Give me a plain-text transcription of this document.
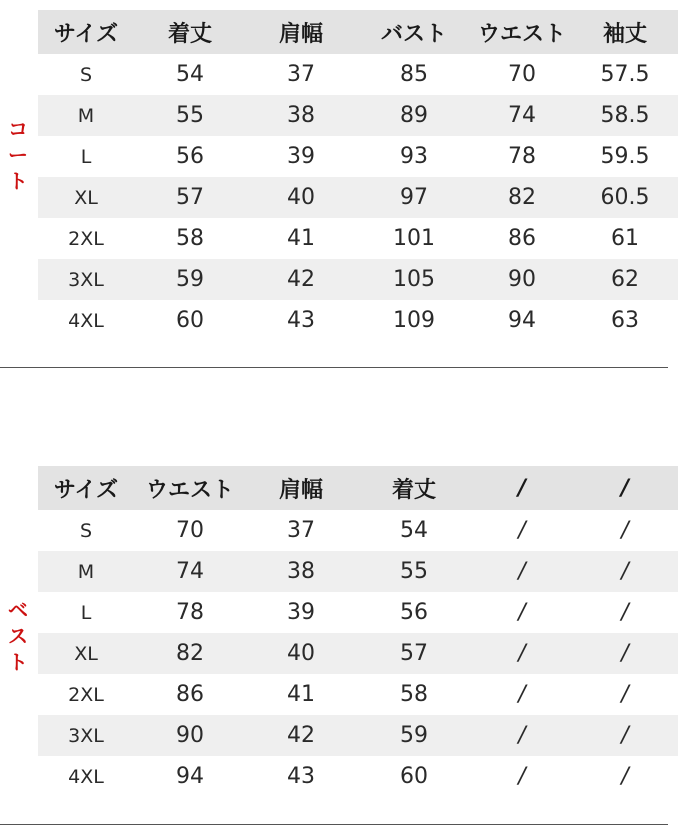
コ
ー
ト
サイズ	着丈	肩幅	バスト	ウエスト	袖丈
S	54	37	85	70	57.5
M	55	38	89	74	58.5
L	56	39	93	78	59.5
XL	57	40	97	82	60.5
2XL	58	41	101	86	61
3XL	59	42	105	90	62
4XL	60	43	109	94	63
ベ
ス
ト
サイズ	ウエスト	肩幅	着丈	/	/
S	70	37	54	/	/
M	74	38	55	/	/
L	78	39	56	/	/
XL	82	40	57	/	/
2XL	86	41	58	/	/
3XL	90	42	59	/	/
4XL	94	43	60	/	/
